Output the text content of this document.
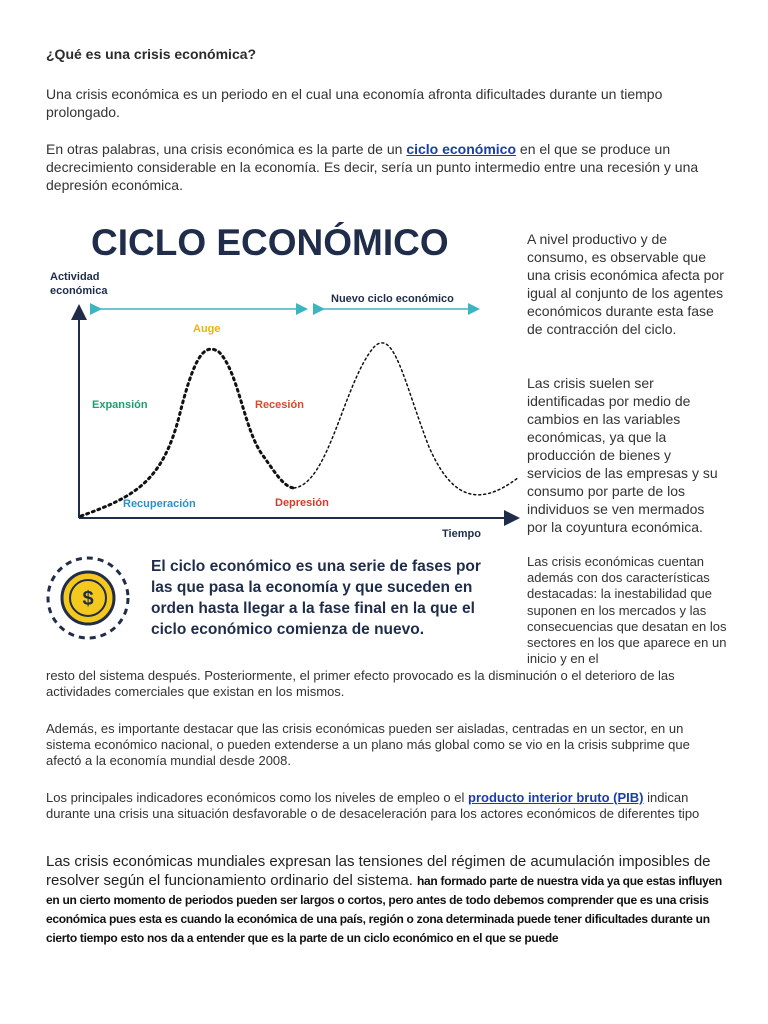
¿Qué es una crisis económica?

Una crisis económica es un periodo en el cual una economía afronta dificultades durante un tiempo prolongado.

En otras palabras, una crisis económica es la parte de un ciclo económico en el que se produce un decrecimiento considerable en la economía. Es decir, sería un punto intermedio entre una recesión y una depresión económica.

CICLO ECONÓMICO
Actividad
económica
Tiempo
Nuevo ciclo económico
Auge
Expansión	Recesión
Recuperación	Depresión
$
El ciclo económico es una serie de fases por
las que pasa la economía y que suceden en
orden hasta llegar a la fase final en la que el
ciclo económico comienza de nuevo.

A nivel productivo y de consumo, es observable que una crisis económica afecta por igual al conjunto de los agentes económicos durante esta fase de contracción del ciclo.

Las crisis suelen ser identificadas por medio de cambios en las variables económicas, ya que la producción de bienes y servicios de las empresas y su consumo por parte de los individuos se ven mermados por la coyuntura económica.

Las crisis económicas cuentan además con dos características destacadas: la inestabilidad que suponen en los mercados y las consecuencias que desatan en los sectores en los que aparece en un inicio y en el

resto del sistema después. Posteriormente, el primer efecto provocado es la disminución o el deterioro de las actividades comerciales que existan en los mismos.

Además, es importante destacar que las crisis económicas pueden ser aisladas, centradas en un sector, en un sistema económico nacional, o pueden extenderse a un plano más global como se vio en la crisis subprime que afectó a la economía mundial desde 2008.

Los principales indicadores económicos como los niveles de empleo o el producto interior bruto (PIB) indican durante una crisis una situación desfavorable o de desaceleración para los actores económicos de diferentes tipo

Las crisis económicas mundiales expresan las tensiones del régimen de acumulación imposibles de resolver según el funcionamiento ordinario del sistema. han formado parte de nuestra vida ya que estas influyen en un cierto momento de periodos pueden ser largos o cortos, pero antes de todo debemos comprender que es una crisis económica pues esta es cuando la económica de una país, región o zona determinada puede tener dificultades durante un cierto tiempo esto nos da a entender que es la parte de un ciclo económico en el que se puede
